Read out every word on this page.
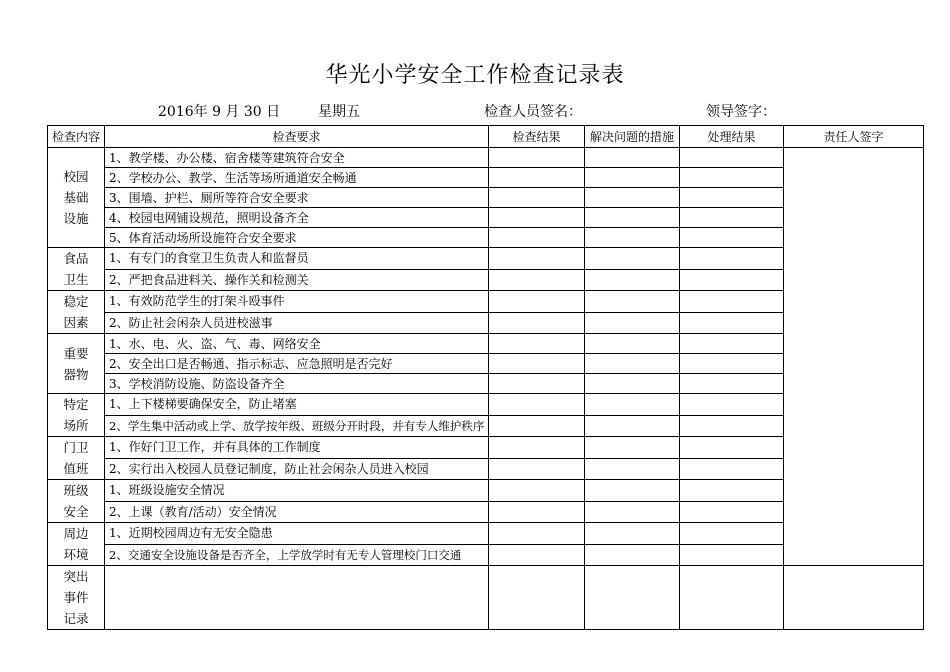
华光小学安全工作检查记录表
2016年 9 月 30 日	星期五	检查人员签名：	领导签字：
检查内容	检查要求	检查结果	解决问题的措施	处理结果	责任人签字

校园
基础
设施	1、教学楼、办公楼、宿舍楼等建筑符合安全				
	2、学校办公、教学、生活等场所通道安全畅通				
	3、围墙、护栏、厕所等符合安全要求				
	4、校园电网铺设规范，照明设备齐全				
	5、体育活动场所设施符合安全要求				

食品
卫生	1、有专门的食堂卫生负责人和监督员				
	2、严把食品进料关、操作关和检测关				

稳定
因素	1、有效防范学生的打架斗殴事件				
	2、防止社会闲杂人员进校滋事				

重要
器物	1、水、电、火、盗、气、毒、网络安全				
	2、安全出口是否畅通、指示标志、应急照明是否完好				
	3、学校消防设施、防盗设备齐全				

特定
场所	1、上下楼梯要确保安全，防止堵塞				
	2、学生集中活动或上学、放学按年级、班级分开时段，并有专人维护秩序				

门卫
值班	1、作好门卫工作，并有具体的工作制度				
	2、实行出入校园人员登记制度，防止社会闲杂人员进入校园				

班级
安全	1、班级设施安全情况				
	2、上课（教育/活动）安全情况				

周边
环境	1、近期校园周边有无安全隐患				
	2、交通安全设施设备是否齐全，上学放学时有无专人管理校门口交通				

突出
事件
记录					
